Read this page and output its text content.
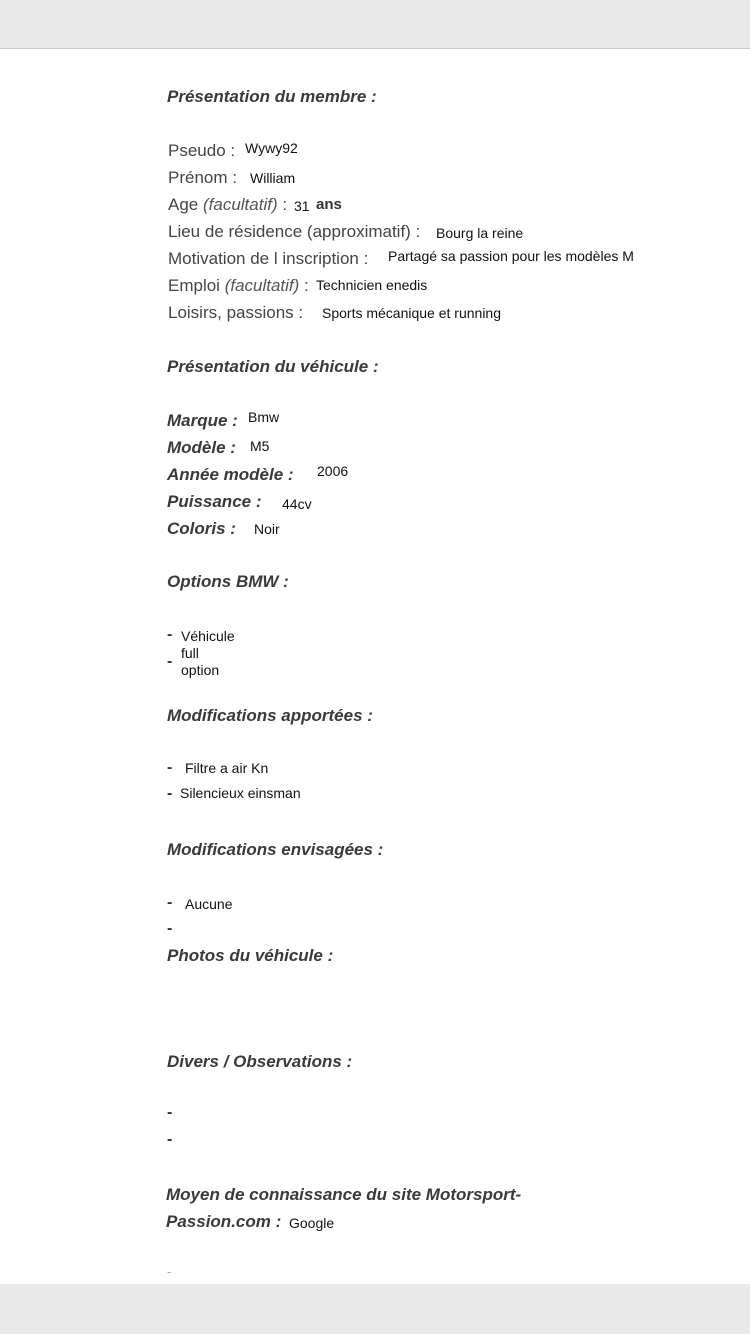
Présentation du membre :
Pseudo : Wywy92
Prénom : William
Age (facultatif) : 31 ans
Lieu de résidence (approximatif) : Bourg la reine
Motivation de l inscription : Partagé sa passion pour les modèles M
Emploi (facultatif) : Technicien enedis
Loisirs, passions : Sports mécanique et running
Présentation du véhicule :
Marque : Bmw
Modèle : M5
Année modèle : 2006
Puissance : 44cv
Coloris : Noir
Options BMW :
-
-
Véhicule
full
option
Modifications apportées :
- Filtre a air Kn
- Silencieux einsman
Modifications envisagées :
- Aucune
-
Photos du véhicule :
Divers / Observations :
-
-
Moyen de connaissance du site Motorsport-
Passion.com : Google
-
